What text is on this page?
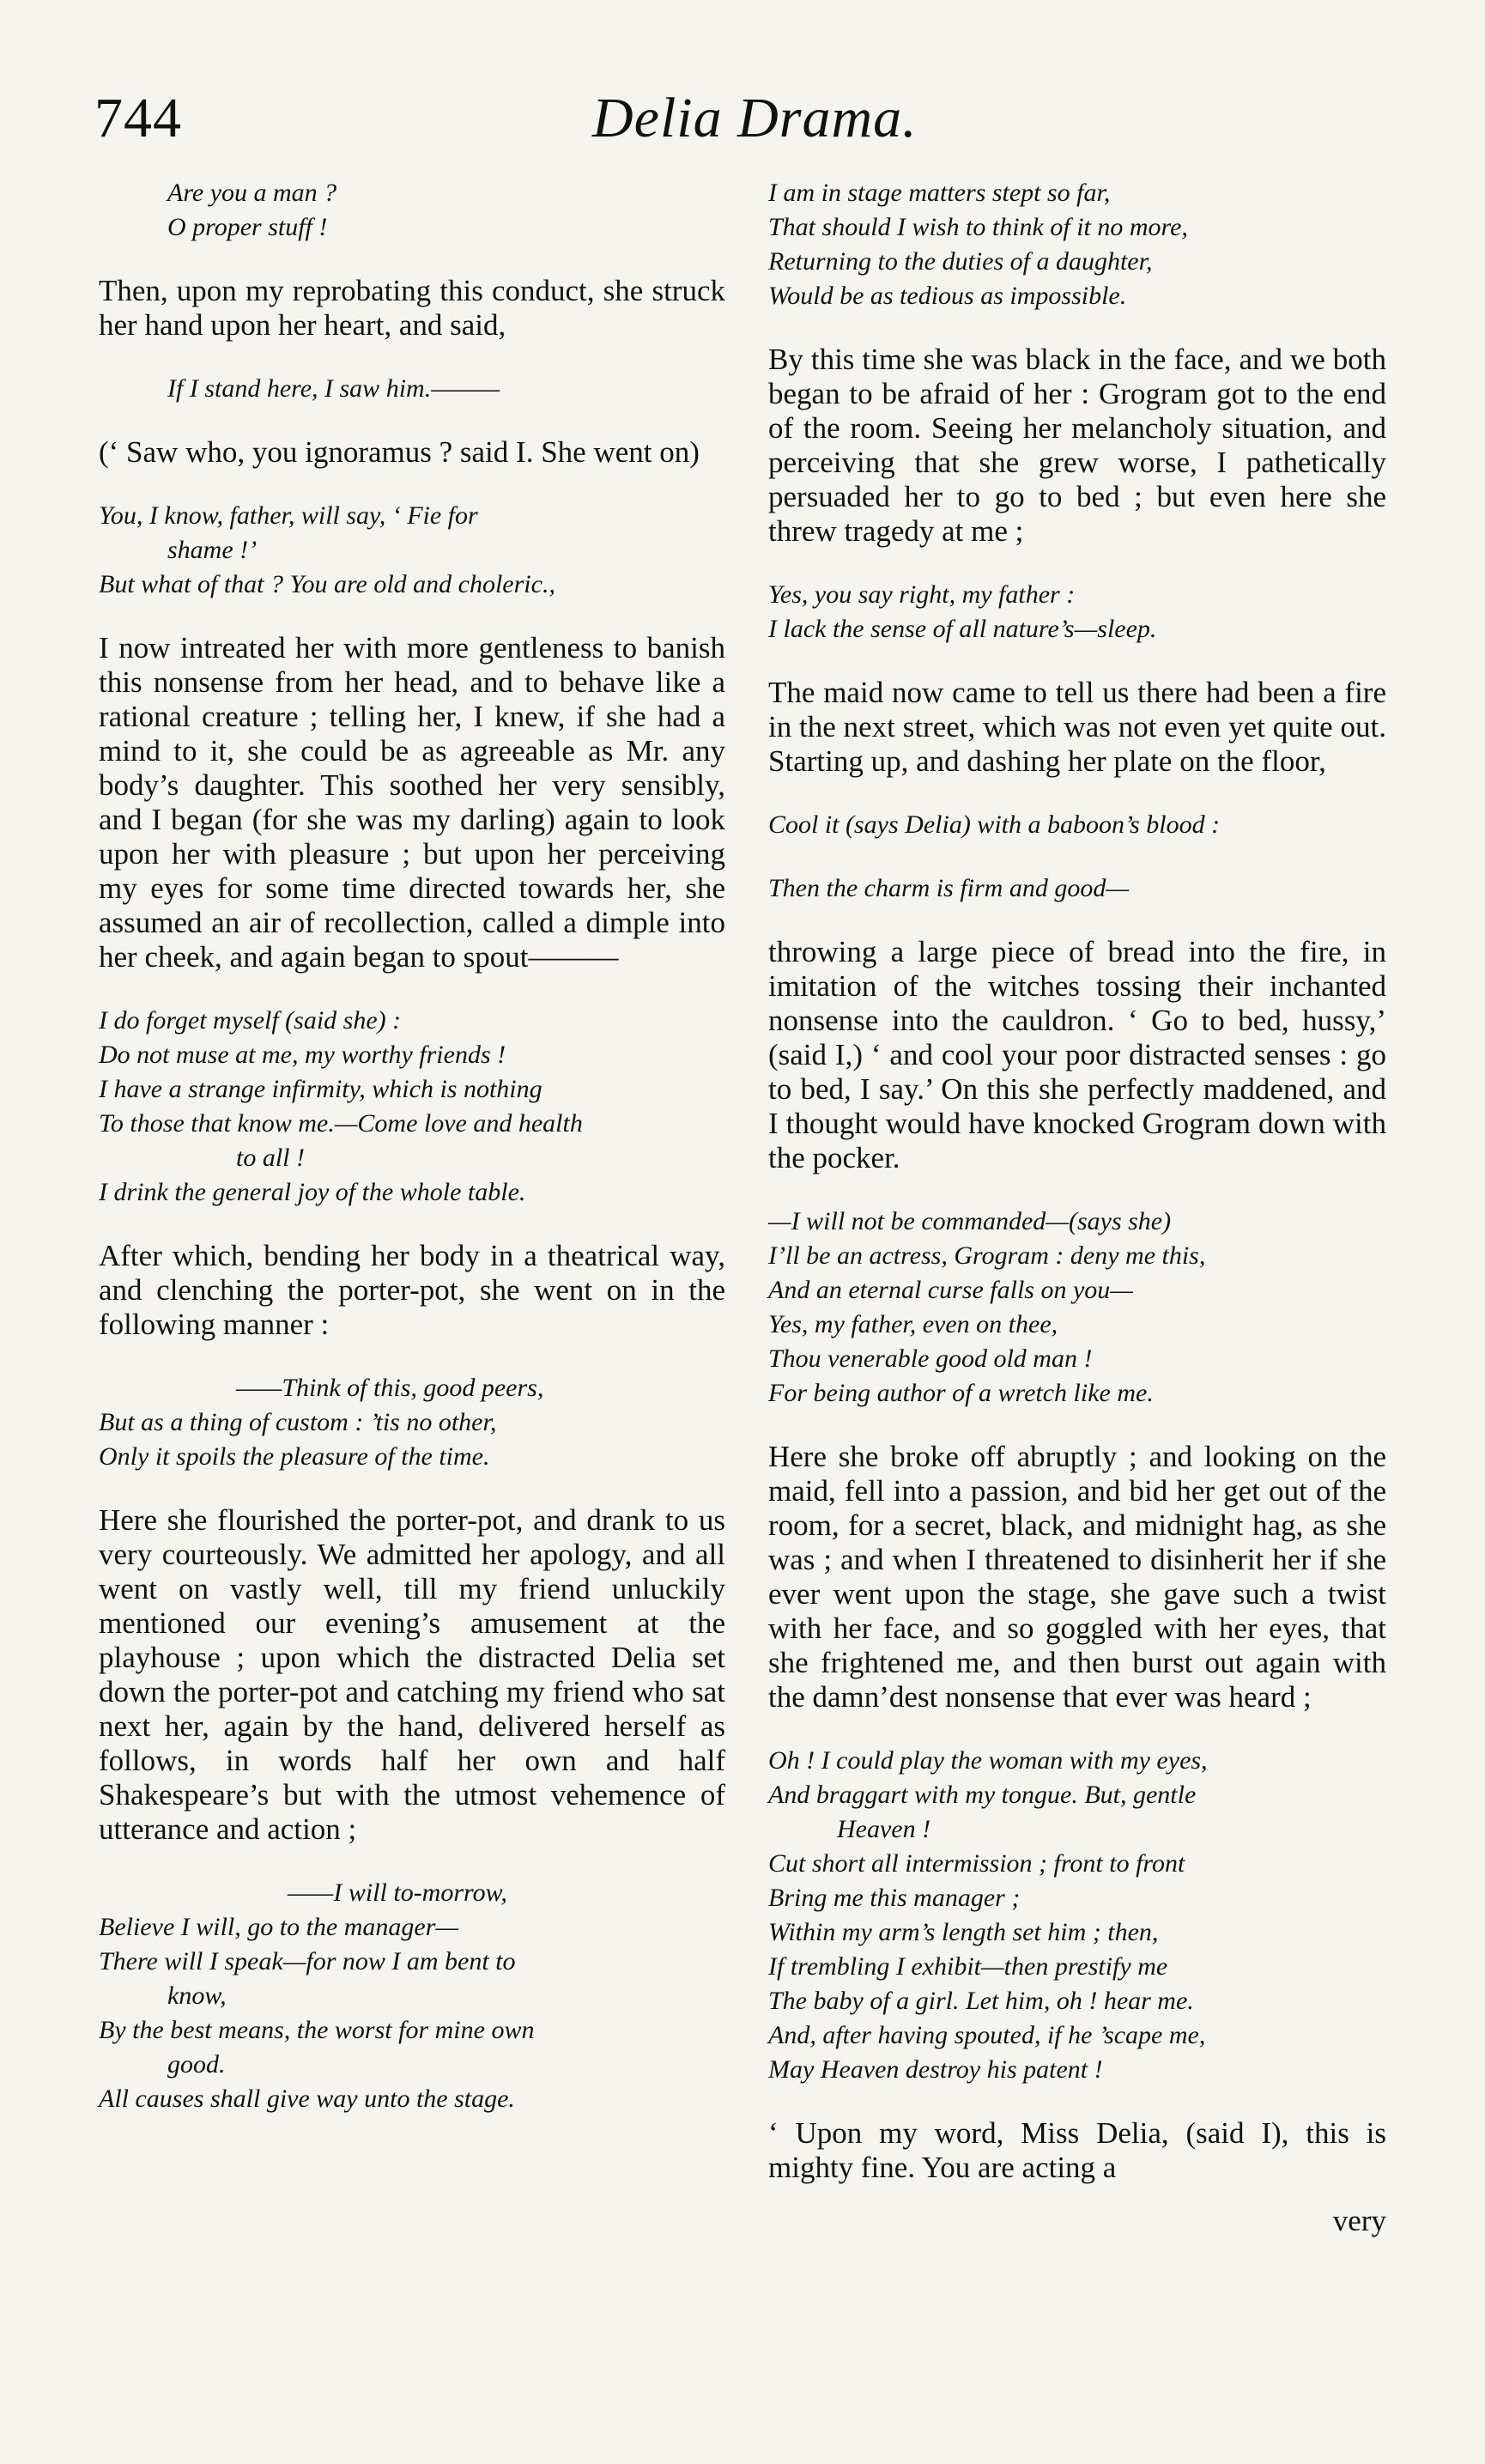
744	Delia Drama.
Are you a man ?
O proper stuff !

Then, upon my reprobating this conduct, she struck her hand upon her heart, and said,

If I stand here, I saw him.———

(‘ Saw who, you ignoramus ? said I. She went on)

You, I know, father, will say, ‘ Fie for
shame !’
But what of that ? You are old and choleric.,

I now intreated her with more gentleness to banish this nonsense from her head, and to behave like a rational creature ; telling her, I knew, if she had a mind to it, she could be as agreeable as Mr. any body’s daughter. This soothed her very sensibly, and I began (for she was my darling) again to look upon her with pleasure ; but upon her perceiving my eyes for some time directed towards her, she assumed an air of recollection, called a dimple into her cheek, and again began to spout———

I do forget myself (said she) :
Do not muse at me, my worthy friends !
I have a strange infirmity, which is nothing
To those that know me.—Come love and health
to all !
I drink the general joy of the whole table.

After which, bending her body in a theatrical way, and clenching the porter-pot, she went on in the following manner :

——Think of this, good peers,
But as a thing of custom : ’tis no other,
Only it spoils the pleasure of the time.

Here she flourished the porter-pot, and drank to us very courteously. We admitted her apology, and all went on vastly well, till my friend unluckily mentioned our evening’s amusement at the playhouse ; upon which the distracted Delia set down the porter-pot and catching my friend who sat next her, again by the hand, delivered herself as follows, in words half her own and half Shakespeare’s but with the utmost vehemence of utterance and action ;

——I will to-morrow,
Believe I will, go to the manager—
There will I speak—for now I am bent to
know,
By the best means, the worst for mine own
good.
All causes shall give way unto the stage.
I am in stage matters stept so far,
That should I wish to think of it no more,
Returning to the duties of a daughter,
Would be as tedious as impossible.

By this time she was black in the face, and we both began to be afraid of her : Grogram got to the end of the room. Seeing her melancholy situation, and perceiving that she grew worse, I pathetically persuaded her to go to bed ; but even here she threw tragedy at me ;

Yes, you say right, my father :
I lack the sense of all nature’s—sleep.

The maid now came to tell us there had been a fire in the next street, which was not even yet quite out. Starting up, and dashing her plate on the floor,

Cool it (says Delia) with a baboon’s blood :
Then the charm is firm and good—

throwing a large piece of bread into the fire, in imitation of the witches tossing their inchanted nonsense into the cauldron. ‘ Go to bed, hussy,’ (said I,) ‘ and cool your poor distracted senses : go to bed, I say.’ On this she perfectly maddened, and I thought would have knocked Grogram down with the pocker.

—I will not be commanded—(says she)
I’ll be an actress, Grogram : deny me this,
And an eternal curse falls on you—
Yes, my father, even on thee,
Thou venerable good old man !
For being author of a wretch like me.

Here she broke off abruptly ; and looking on the maid, fell into a passion, and bid her get out of the room, for a secret, black, and midnight hag, as she was ; and when I threatened to disinherit her if she ever went upon the stage, she gave such a twist with her face, and so goggled with her eyes, that she frightened me, and then burst out again with the damn’dest nonsense that ever was heard ;

Oh ! I could play the woman with my eyes,
And braggart with my tongue. But, gentle
Heaven !
Cut short all intermission ; front to front
Bring me this manager ;
Within my arm’s length set him ; then,
If trembling I exhibit—then prestify me
The baby of a girl. Let him, oh ! hear me.
And, after having spouted, if he ’scape me,
May Heaven destroy his patent !

‘ Upon my word, Miss Delia, (said I), this is mighty fine. You are acting a

very
